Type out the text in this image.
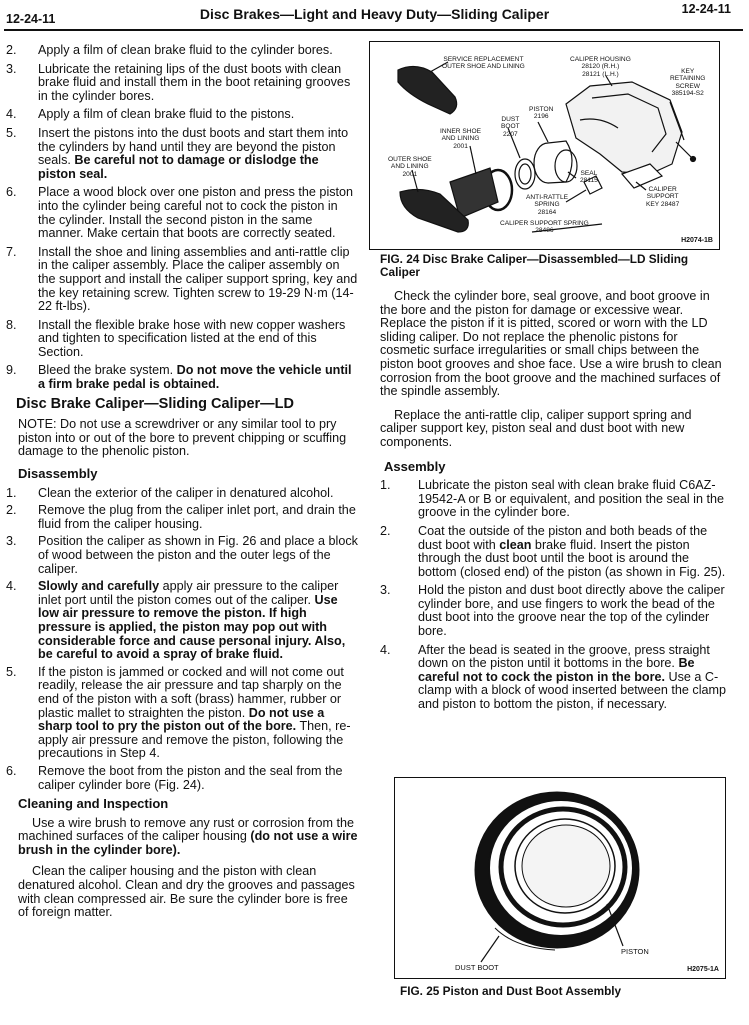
12-24-11	Disc Brakes—Light and Heavy Duty—Sliding Caliper	12-24-11
2.	Apply a film of clean brake fluid to the cylinder bores.
3.	Lubricate the retaining lips of the dust boots with clean brake fluid and install them in the boot retaining grooves in the cylinder bores.
4.	Apply a film of clean brake fluid to the pistons.
5.	Insert the pistons into the dust boots and start them into the cylinders by hand until they are beyond the piston seals. Be careful not to damage or dislodge the piston seal.
6.	Place a wood block over one piston and press the piston into the cylinder being careful not to cock the piston in the cylinder. Install the second piston in the same manner. Make certain that boots are correctly seated.
7.	Install the shoe and lining assemblies and anti-rattle clip in the caliper assembly. Place the caliper assembly on the support and install the caliper support spring, key and the key retaining screw. Tighten screw to 19-29 N·m (14-22 ft-lbs).
8.	Install the flexible brake hose with new copper washers and tighten to specification listed at the end of this Section.
9.	Bleed the brake system. Do not move the vehicle until a firm brake pedal is obtained.
Disc Brake Caliper—Sliding Caliper—LD
NOTE: Do not use a screwdriver or any similar tool to pry piston into or out of the bore to prevent chipping or scuffing damage to the phenolic piston.
Disassembly
1.	Clean the exterior of the caliper in denatured alcohol.
2.	Remove the plug from the caliper inlet port, and drain the fluid from the caliper housing.
3.	Position the caliper as shown in Fig. 26 and place a block of wood between the piston and the outer legs of the caliper.
4.	Slowly and carefully apply air pressure to the caliper inlet port until the piston comes out of the caliper. Use low air pressure to remove the piston. If high pressure is applied, the piston may pop out with considerable force and cause personal injury. Also, be careful to avoid a spray of brake fluid.
5.	If the piston is jammed or cocked and will not come out readily, release the air pressure and tap sharply on the end of the piston with a soft (brass) hammer, rubber or plastic mallet to straighten the piston. Do not use a sharp tool to pry the piston out of the bore. Then, re-apply air pressure and remove the piston, following the precautions in Step 4.
6.	Remove the boot from the piston and the seal from the caliper cylinder bore (Fig. 24).
Cleaning and Inspection
Use a wire brush to remove any rust or corrosion from the machined surfaces of the caliper housing (do not use a wire brush in the cylinder bore).
Clean the caliper housing and the piston with clean denatured alcohol. Clean and dry the grooves and passages with clean compressed air. Be sure the cylinder bore is free of foreign matter.
SERVICE REPLACEMENT
OUTER SHOE AND LINING
CALIPER HOUSING
28120 (R.H.)
28121 (L.H.)	KEY
RETAINING
SCREW
385194-S2
PISTON
2196
DUST
BOOT
2207
INNER SHOE
AND LINING
2001
OUTER SHOE
AND LINING
2001	SEAL
28115
ANTI-RATTLE
SPRING
28164
CALIPER
SUPPORT
KEY 28487
CALIPER SUPPORT SPRING
28486
H2074-1B
FIG. 24 Disc Brake Caliper—Disassembled—LD Sliding Caliper
Check the cylinder bore, seal groove, and boot groove in the bore and the piston for damage or excessive wear. Replace the piston if it is pitted, scored or worn with the LD sliding caliper. Do not replace the phenolic pistons for cosmetic surface irregularities or small chips between the piston boot grooves and shoe face. Use a wire brush to clean corrosion from the boot groove and the machined surfaces of the spindle assembly.
Replace the anti-rattle clip, caliper support spring and caliper support key, piston seal and dust boot with new components.
Assembly
1.	Lubricate the piston seal with clean brake fluid C6AZ-19542-A or B or equivalent, and position the seal in the groove in the cylinder bore.
2.	Coat the outside of the piston and both beads of the dust boot with clean brake fluid. Insert the piston through the dust boot until the boot is around the bottom (closed end) of the piston (as shown in Fig. 25).
3.	Hold the piston and dust boot directly above the caliper cylinder bore, and use fingers to work the bead of the dust boot into the groove near the top of the cylinder bore.
4.	After the bead is seated in the groove, press straight down on the piston until it bottoms in the bore. Be careful not to cock the piston in the bore. Use a C-clamp with a block of wood inserted between the clamp and piston to bottom the piston, if necessary.
DUST BOOT
PISTON
H2075-1A
FIG. 25 Piston and Dust Boot Assembly
